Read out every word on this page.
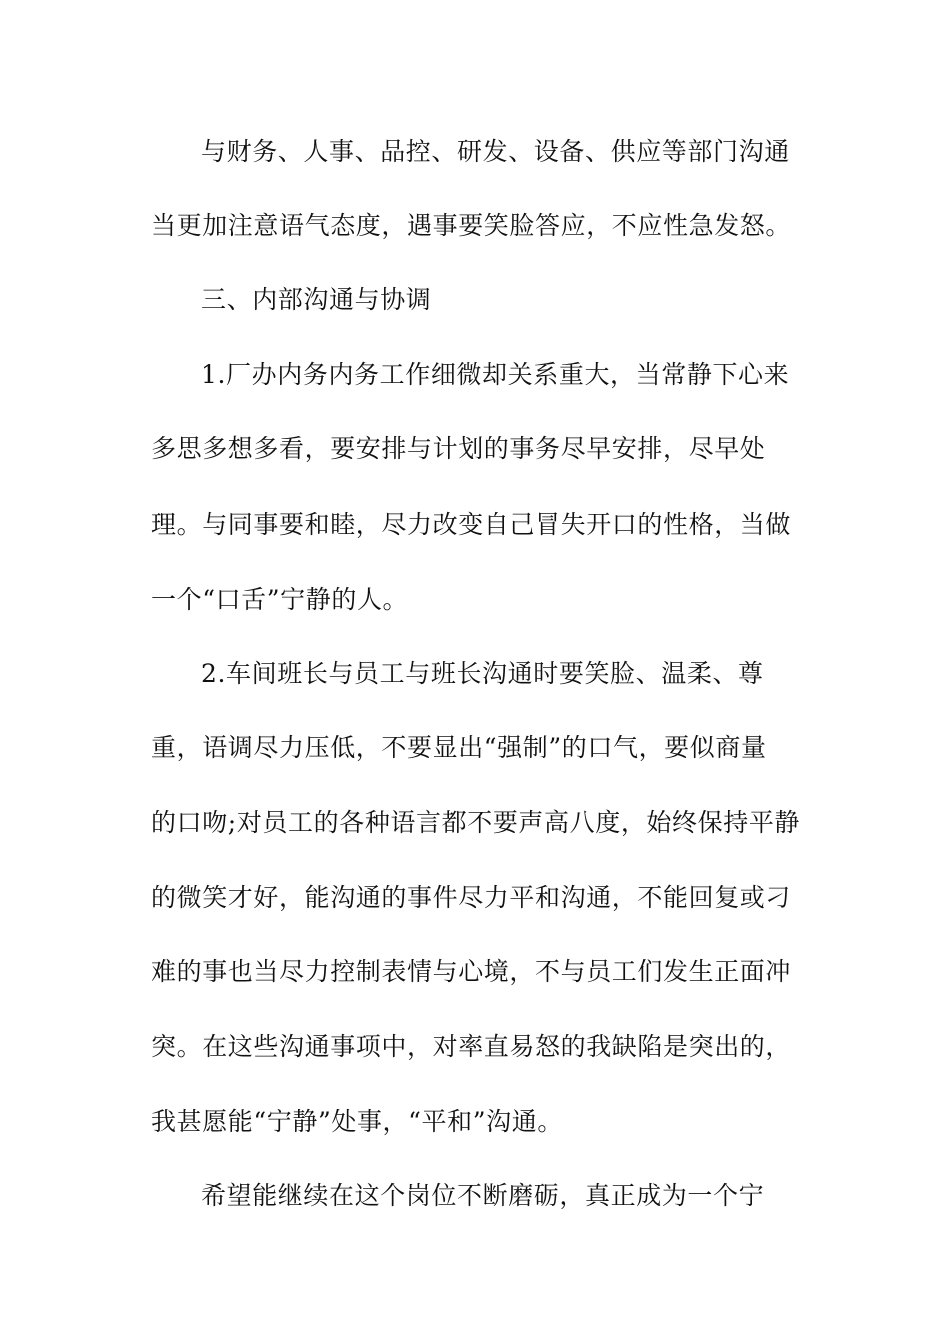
与财务、人事、品控、研发、设备、供应等部门沟通
当更加注意语气态度，遇事要笑脸答应，不应性急发怒。
三、内部沟通与协调
1.厂办内务内务工作细微却关系重大，当常静下心来
多思多想多看，要安排与计划的事务尽早安排，尽早处
理。与同事要和睦，尽力改变自己冒失开口的性格，当做
一个“口舌”宁静的人。
2.车间班长与员工与班长沟通时要笑脸、温柔、尊
重，语调尽力压低，不要显出“强制”的口气，要似商量
的口吻;对员工的各种语言都不要声高八度，始终保持平静
的微笑才好，能沟通的事件尽力平和沟通，不能回复或刁
难的事也当尽力控制表情与心境，不与员工们发生正面冲
突。在这些沟通事项中，对率直易怒的我缺陷是突出的，
我甚愿能“宁静”处事，“平和”沟通。
希望能继续在这个岗位不断磨砺，真正成为一个宁
